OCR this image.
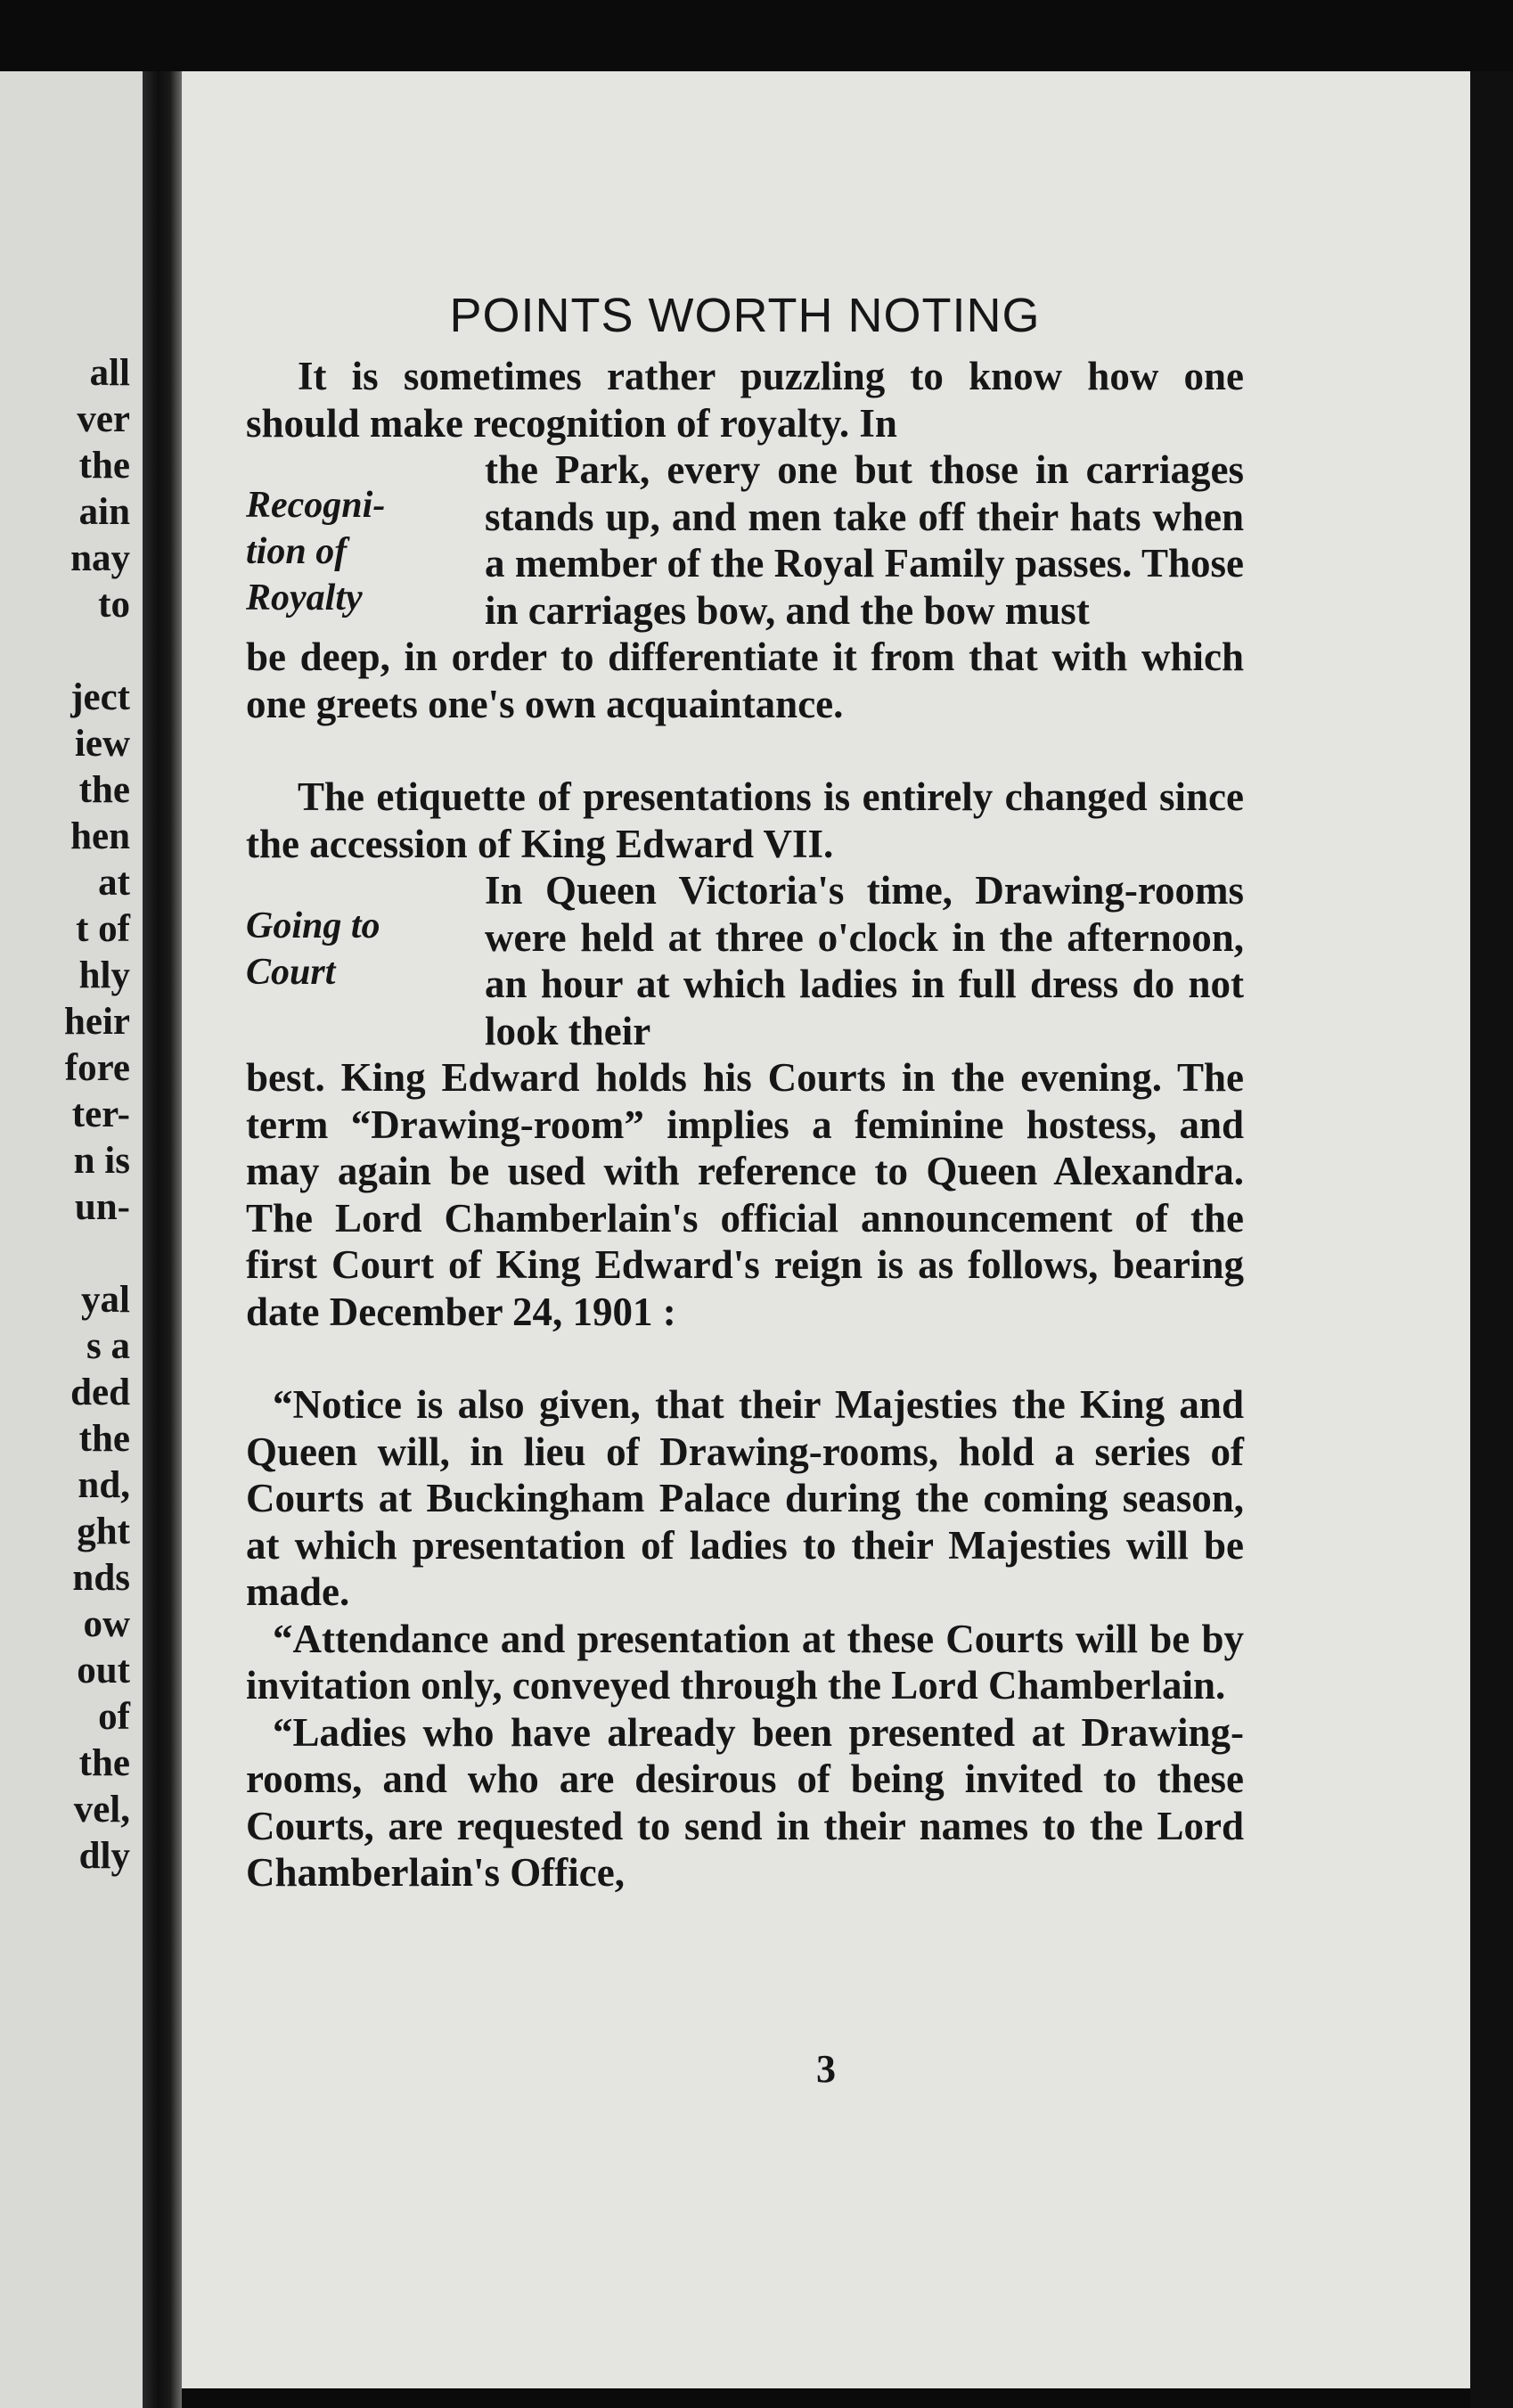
all
ver
the
ain
nay
to
ject
iew
the
hen
at
t of
hly
heir
fore
ter-
n is
un-
yal
s a
ded
the
nd,
ght
nds
ow
out
of
the
vel,
dly
POINTS WORTH NOTING

It is sometimes rather puzzling to know how one should make recognition of royalty. In

Recogni-
tion of
Royalty

the Park, every one but those in carriages stands up, and men take off their hats when a member of the Royal Family passes. Those in carriages bow, and the bow must

be deep, in order to differentiate it from that with which one greets one's own acquaintance.

The etiquette of presentations is entirely changed since the accession of King Edward VII.

Going to
Court

In Queen Victoria's time, Drawing-rooms were held at three o'clock in the afternoon, an hour at which ladies in full dress do not look their

best. King Edward holds his Courts in the evening. The term “Drawing-room” implies a feminine hostess, and may again be used with reference to Queen Alexandra. The Lord Chamberlain's official announcement of the first Court of King Edward's reign is as follows, bearing date December 24, 1901 :

“Notice is also given, that their Majesties the King and Queen will, in lieu of Drawing-rooms, hold a series of Courts at Buckingham Palace during the coming season, at which presentation of ladies to their Majesties will be made.

“Attendance and presentation at these Courts will be by invitation only, conveyed through the Lord Chamberlain.

“Ladies who have already been presented at Drawing-rooms, and who are desirous of being invited to these Courts, are requested to send in their names to the Lord Chamberlain's Office,

3
